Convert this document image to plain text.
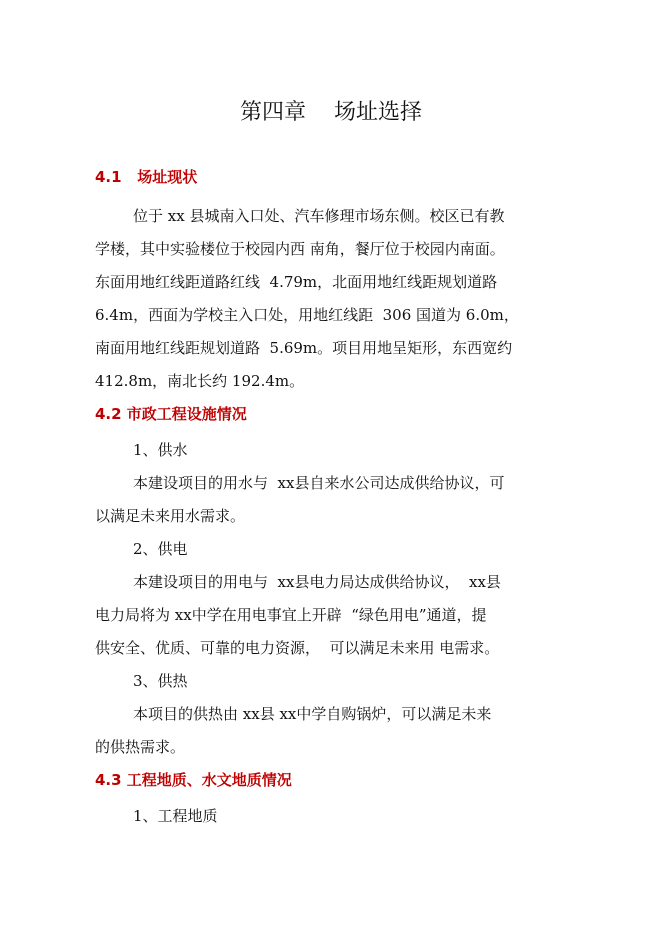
第四章    场址选择
4.1   场址现状
位于 xx 县城南入口处、汽车修理市场东侧。校区已有教
学楼，其中实验楼位于校园内西 南角，餐厅位于校园内南面。
东面用地红线距道路红线  4.79m，北面用地红线距规划道路
6.4m，西面为学校主入口处，用地红线距  306 国道为 6.0m，
南面用地红线距规划道路  5.69m。项目用地呈矩形，东西宽约
412.8m，南北长约 192.4m。
4.2 市政工程设施情况
1、供水
本建设项目的用水与  xx县自来水公司达成供给协议，可
以满足未来用水需求。
2、供电
本建设项目的用电与  xx县电力局达成供给协议，  xx县
电力局将为 xx中学在用电事宜上开辟  “绿色用电”通道，提
供安全、优质、可靠的电力资源，  可以满足未来用 电需求。
3、供热
本项目的供热由 xx县 xx中学自购锅炉，可以满足未来
的供热需求。
4.3 工程地质、水文地质情况
1、工程地质
